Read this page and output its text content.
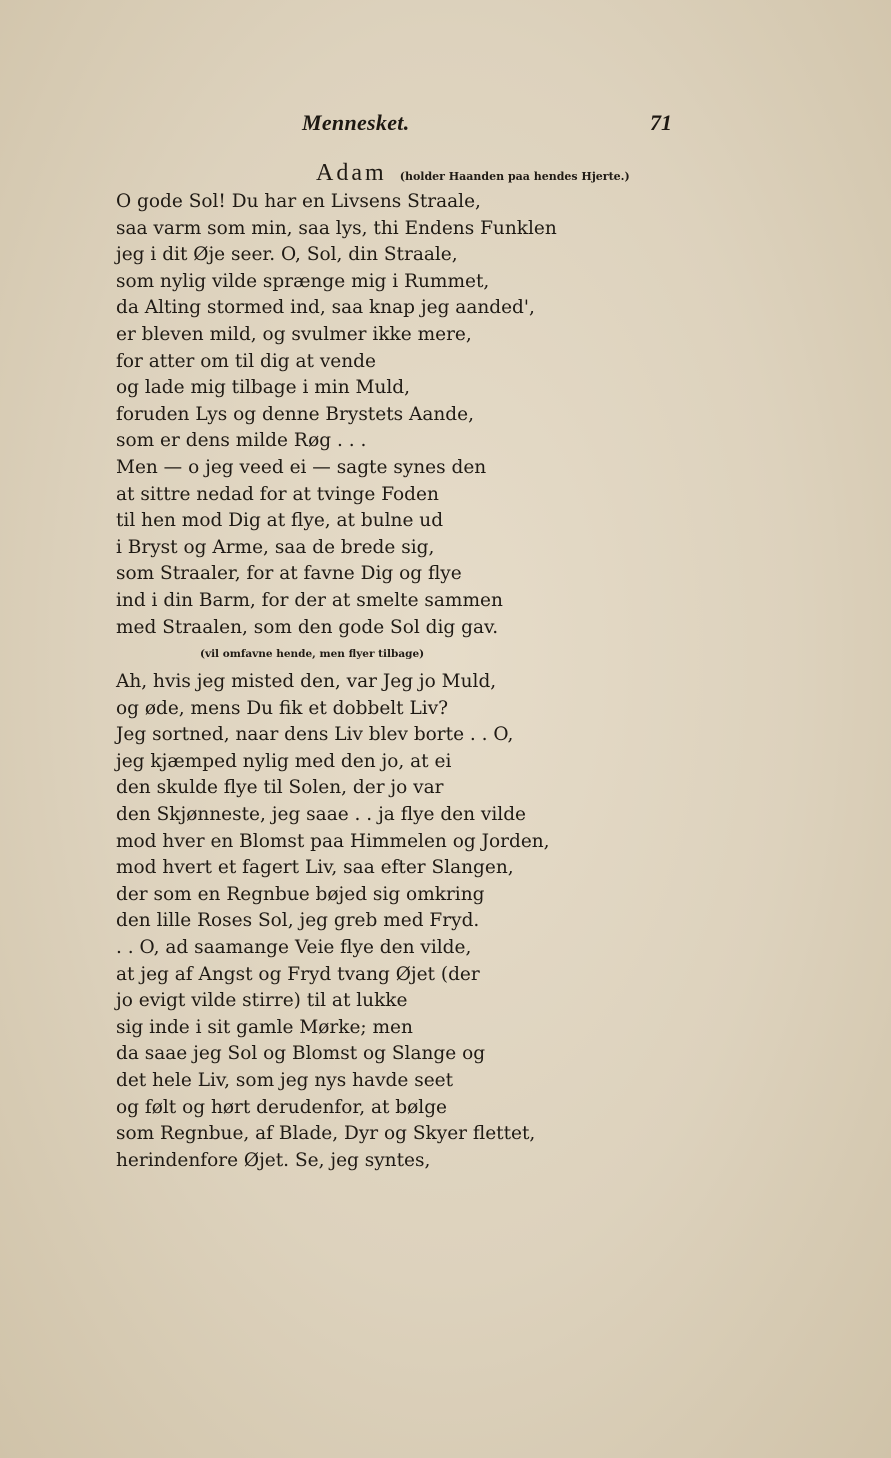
Mennesket.	71
Adam (holder Haanden paa hendes Hjerte.)
O gode Sol! Du har en Livsens Straale,
saa varm som min, saa lys, thi Endens Funklen
jeg i dit Øje seer. O, Sol, din Straale,
som nylig vilde sprænge mig i Rummet,
da Alting stormed ind, saa knap jeg aanded',
er bleven mild, og svulmer ikke mere,
for atter om til dig at vende
og lade mig tilbage i min Muld,
foruden Lys og denne Brystets Aande,
som er dens milde Røg . . .
Men — o jeg veed ei — sagte synes den
at sittre nedad for at tvinge Foden
til hen mod Dig at flye, at bulne ud
i Bryst og Arme, saa de brede sig,
som Straaler, for at favne Dig og flye
ind i din Barm, for der at smelte sammen
med Straalen, som den gode Sol dig gav.
(vil omfavne hende, men flyer tilbage)
Ah, hvis jeg misted den, var Jeg jo Muld,
og øde, mens Du fik et dobbelt Liv?
Jeg sortned, naar dens Liv blev borte . . O,
jeg kjæmped nylig med den jo, at ei
den skulde flye til Solen, der jo var
den Skjønneste, jeg saae . . ja flye den vilde
mod hver en Blomst paa Himmelen og Jorden,
mod hvert et fagert Liv, saa efter Slangen,
der som en Regnbue bøjed sig omkring
den lille Roses Sol, jeg greb med Fryd.
. . O, ad saamange Veie flye den vilde,
at jeg af Angst og Fryd tvang Øjet (der
jo evigt vilde stirre) til at lukke
sig inde i sit gamle Mørke; men
da saae jeg Sol og Blomst og Slange og
det hele Liv, som jeg nys havde seet
og følt og hørt derudenfor, at bølge
som Regnbue, af Blade, Dyr og Skyer flettet,
herindenfore Øjet. Se, jeg syntes,
